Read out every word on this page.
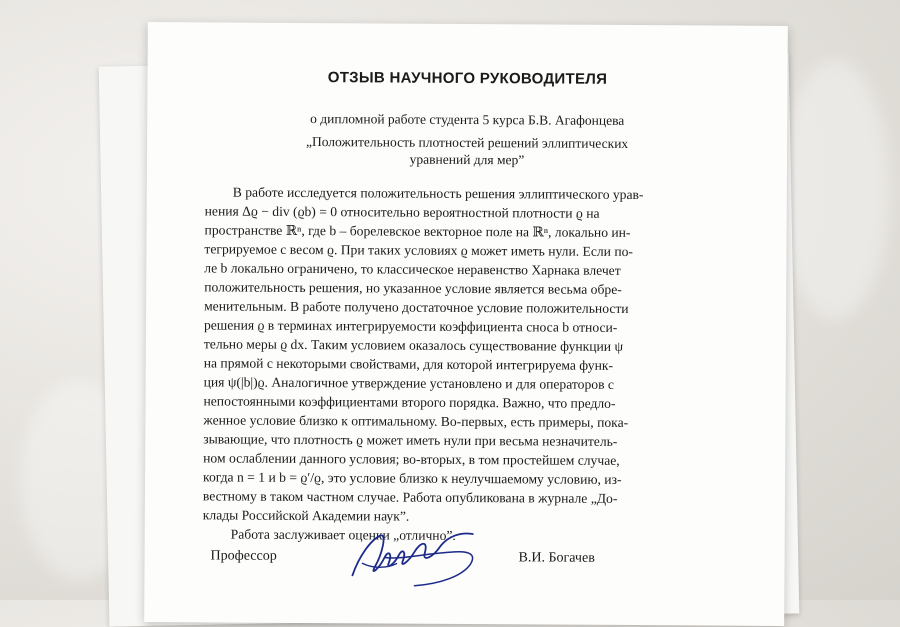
ОТЗЫВ НАУЧНОГО РУКОВОДИТЕЛЯ
о дипломной работе студента 5 курса Б.В. Агафонцева
„Положительность плотностей решений эллиптических
уравнений для мер”
В работе исследуется положительность решения эллиптического урав-
нения Δϱ − div (ϱb) = 0 относительно вероятностной плотности ϱ на
пространстве ℝⁿ, где b – борелевское векторное поле на ℝⁿ, локально ин-
тегрируемое с весом ϱ. При таких условиях ϱ может иметь нули. Если по-
ле b локально ограничено, то классическое неравенство Харнака влечет
положительность решения, но указанное условие является весьма обре-
менительным. В работе получено достаточное условие положительности
решения ϱ в терминах интегрируемости коэффициента сноса b относи-
тельно меры ϱ dx. Таким условием оказалось существование функции ψ
на прямой с некоторыми свойствами, для которой интегрируема функ-
ция ψ(|b|)ϱ. Аналогичное утверждение установлено и для операторов с
непостоянными коэффициентами второго порядка. Важно, что предло-
женное условие близко к оптимальному. Во-первых, есть примеры, пока-
зывающие, что плотность ϱ может иметь нули при весьма незначитель-
ном ослаблении данного условия; во-вторых, в том простейшем случае,
когда n = 1 и b = ϱ′/ϱ, это условие близко к неулучшаемому условию, из-
вестному в таком частном случае. Работа опубликована в журнале „До-
клады Российской Академии наук”.
Работа заслуживает оценки „отлично”.
Профессор	В.И. Богачев
